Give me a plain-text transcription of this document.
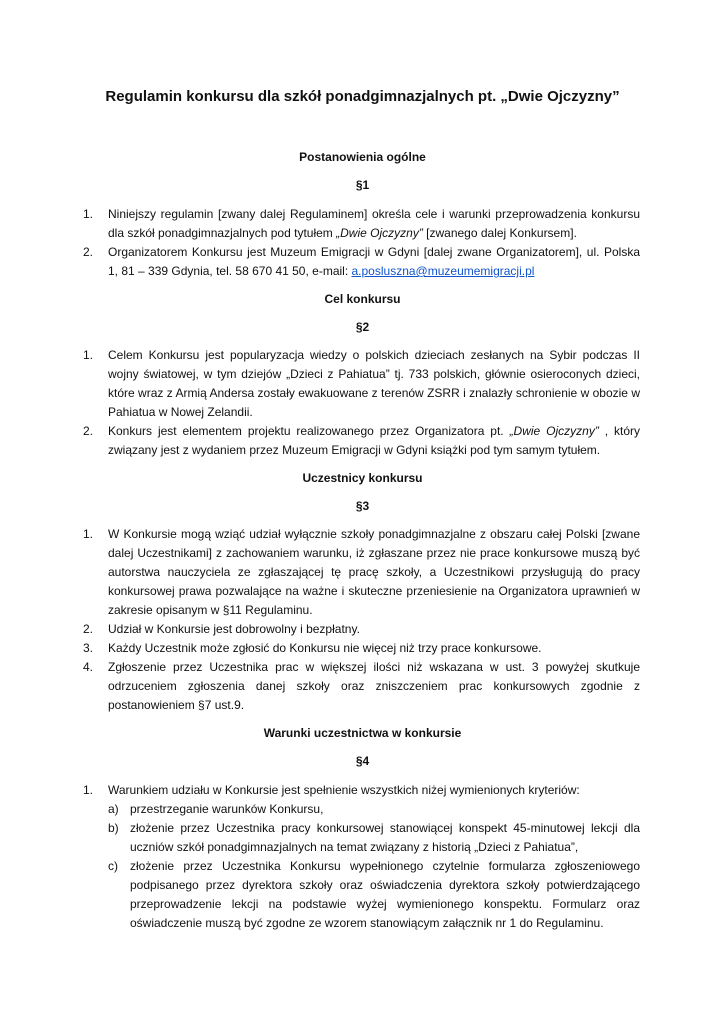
Regulamin konkursu dla szkół ponadgimnazjalnych pt. „Dwie Ojczyzny”
Postanowienia ogólne
§1
1.	Niniejszy regulamin [zwany dalej Regulaminem] określa cele i warunki przeprowadzenia konkursu dla szkół ponadgimnazjalnych pod tytułem „Dwie Ojczyzny” [zwanego dalej Konkursem].
2.	Organizatorem Konkursu jest Muzeum Emigracji w Gdyni [dalej zwane Organizatorem], ul. Polska 1, 81 – 339 Gdynia, tel. 58 670 41 50, e-mail: a.posluszna@muzeumemigracji.pl
Cel konkursu
§2
1.	Celem Konkursu jest popularyzacja wiedzy o polskich dzieciach zesłanych na Sybir podczas II wojny światowej, w tym dziejów „Dzieci z Pahiatua” tj. 733 polskich, głównie osieroconych dzieci, które wraz z Armią Andersa zostały ewakuowane z terenów ZSRR i znalazły schronienie w obozie w Pahiatua w Nowej Zelandii.
2.	Konkurs jest elementem projektu realizowanego przez Organizatora pt. „Dwie Ojczyzny” , który związany jest z wydaniem przez Muzeum Emigracji w Gdyni książki pod tym samym tytułem.
Uczestnicy konkursu
§3
1.	W Konkursie mogą wziąć udział wyłącznie szkoły ponadgimnazjalne z obszaru całej Polski [zwane dalej Uczestnikami] z zachowaniem warunku, iż zgłaszane przez nie prace konkursowe muszą być autorstwa nauczyciela ze zgłaszającej tę pracę szkoły, a Uczestnikowi przysługują do pracy konkursowej prawa pozwalające na ważne i skuteczne przeniesienie na Organizatora uprawnień w zakresie opisanym w §11 Regulaminu.
2.	Udział w Konkursie jest dobrowolny i bezpłatny.
3.	Każdy Uczestnik może zgłosić do Konkursu nie więcej niż trzy prace konkursowe.
4.	Zgłoszenie przez Uczestnika prac w większej ilości niż wskazana w ust. 3 powyżej skutkuje odrzuceniem zgłoszenia danej szkoły oraz zniszczeniem prac konkursowych zgodnie z postanowieniem §7 ust.9.
Warunki uczestnictwa w konkursie
§4
1.	Warunkiem udziału w Konkursie jest spełnienie wszystkich niżej wymienionych kryteriów:
a) przestrzeganie warunków Konkursu,
b) złożenie przez Uczestnika pracy konkursowej stanowiącej konspekt 45-minutowej lekcji dla uczniów szkół ponadgimnazjalnych na temat związany z historią „Dzieci z Pahiatua”,
c)	złożenie przez Uczestnika Konkursu wypełnionego czytelnie formularza zgłoszeniowego podpisanego przez dyrektora szkoły oraz oświadczenia dyrektora szkoły potwierdzającego przeprowadzenie lekcji na podstawie wyżej wymienionego konspektu. Formularz oraz oświadczenie muszą być zgodne ze wzorem stanowiącym załącznik nr 1 do Regulaminu.
